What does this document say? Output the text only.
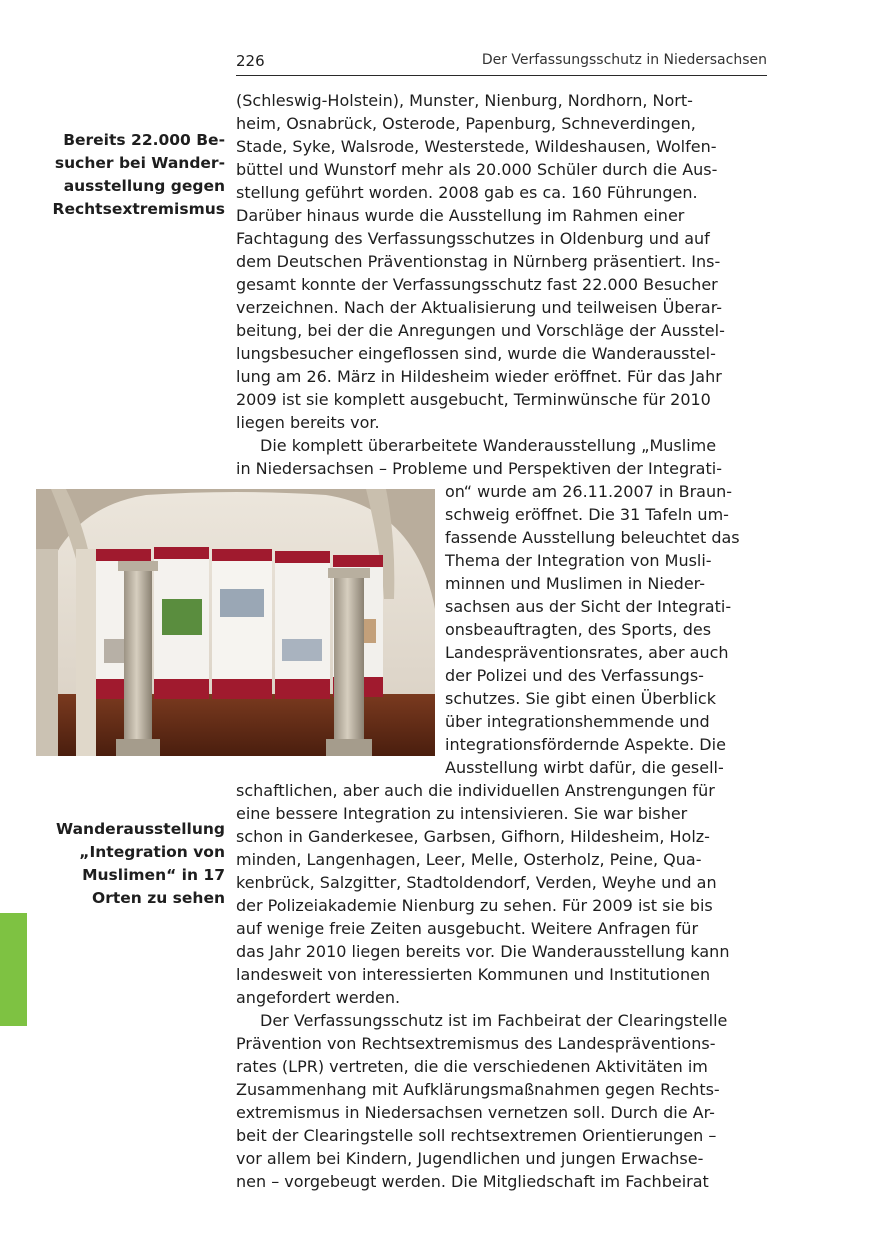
226	Der Verfassungsschutz in Niedersachsen
Bereits 22.000 Be-
sucher bei Wander-
ausstellung gegen
Rechtsextremismus
Wanderausstellung
„Integration von
Muslimen“ in 17
Orten zu sehen
(Schleswig-Holstein), Munster, Nienburg, Nordhorn, Nort-
heim, Osnabrück, Osterode, Papenburg, Schneverdingen,
Stade, Syke, Walsrode, Westerstede, Wildeshausen, Wolfen-
büttel und Wunstorf mehr als 20.000 Schüler durch die Aus-
stellung geführt worden. 2008 gab es ca. 160 Führungen.
Darüber hinaus wurde die Ausstellung im Rahmen einer
Fachtagung des Verfassungsschutzes in Oldenburg und auf
dem Deutschen Präventionstag in Nürnberg präsentiert. Ins-
gesamt konnte der Verfassungsschutz fast 22.000 Besucher
verzeichnen. Nach der Aktualisierung und teilweisen Überar-
beitung, bei der die Anregungen und Vorschläge der Ausstel-
lungsbesucher eingeflossen sind, wurde die Wanderausstel-
lung am 26. März in Hildesheim wieder eröffnet. Für das Jahr
2009 ist sie komplett ausgebucht, Terminwünsche für 2010
liegen bereits vor.
Die komplett überarbeitete Wanderausstellung „Muslime
in Niedersachsen – Probleme und Perspektiven der Integrati-
on“ wurde am 26.11.2007 in Braun-
schweig eröffnet. Die 31 Tafeln um-
fassende Ausstellung beleuchtet das
Thema der Integration von Musli-
minnen und Muslimen in Nieder-
sachsen aus der Sicht der Integrati-
onsbeauftragten, des Sports, des
Landespräventionsrates, aber auch
der Polizei und des Verfassungs-
schutzes. Sie gibt einen Überblick
über integrationshemmende und
integrationsfördernde Aspekte. Die
Ausstellung wirbt dafür, die gesell-
schaftlichen, aber auch die individuellen Anstrengungen für
eine bessere Integration zu intensivieren. Sie war bisher
schon in Ganderkesee, Garbsen, Gifhorn, Hildesheim, Holz-
minden, Langenhagen, Leer, Melle, Osterholz, Peine, Qua-
kenbrück, Salzgitter, Stadtoldendorf, Verden, Weyhe und an
der Polizeiakademie Nienburg zu sehen. Für 2009 ist sie bis
auf wenige freie Zeiten ausgebucht. Weitere Anfragen für
das Jahr 2010 liegen bereits vor. Die Wanderausstellung kann
landesweit von interessierten Kommunen und Institutionen
angefordert werden.
Der Verfassungsschutz ist im Fachbeirat der Clearingstelle
Prävention von Rechtsextremismus des Landespräventions-
rates (LPR) vertreten, die die verschiedenen Aktivitäten im
Zusammenhang mit Aufklärungsmaßnahmen gegen Rechts-
extremismus in Niedersachsen vernetzen soll. Durch die Ar-
beit der Clearingstelle soll rechtsextremen Orientierungen –
vor allem bei Kindern, Jugendlichen und jungen Erwachse-
nen – vorgebeugt werden. Die Mitgliedschaft im Fachbeirat
